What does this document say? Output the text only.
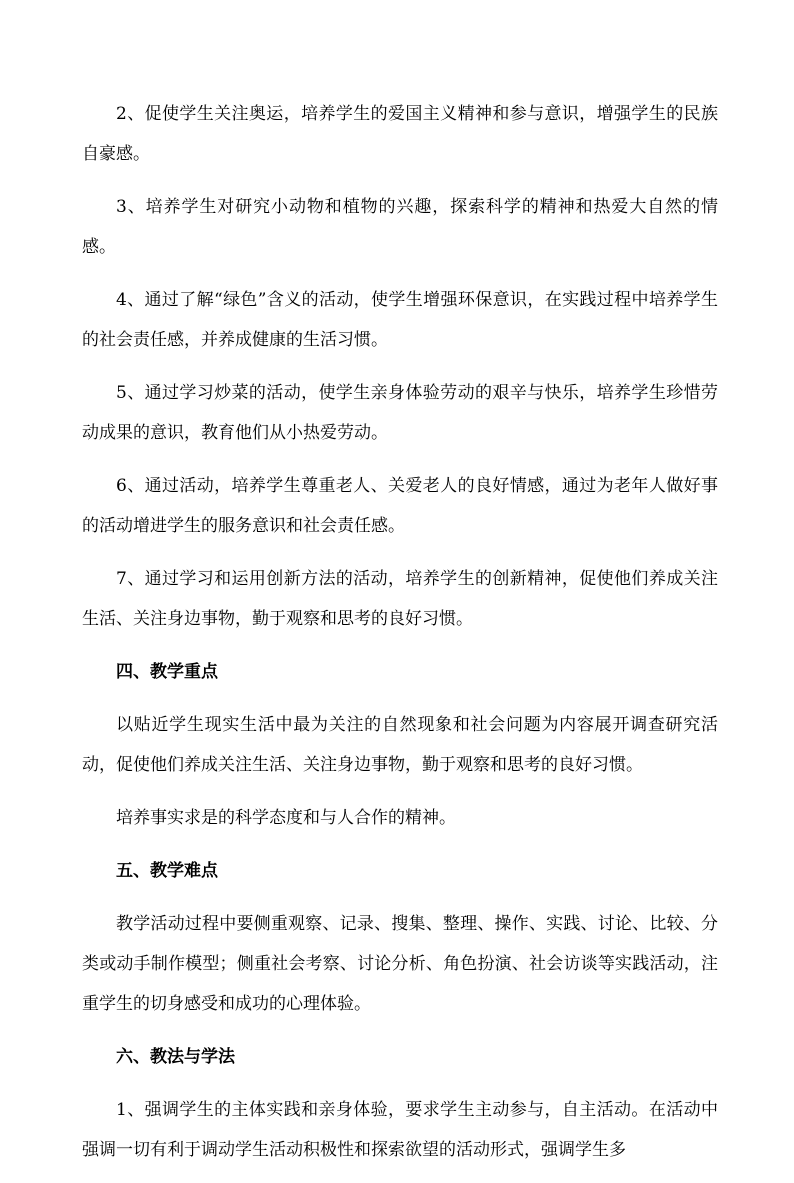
2、促使学生关注奥运，培养学生的爱国主义精神和参与意识，增强学生的民族自豪感。

3、培养学生对研究小动物和植物的兴趣，探索科学的精神和热爱大自然的情感。

4、通过了解“绿色”含义的活动，使学生增强环保意识，在实践过程中培养学生的社会责任感，并养成健康的生活习惯。

5、通过学习炒菜的活动，使学生亲身体验劳动的艰辛与快乐，培养学生珍惜劳动成果的意识，教育他们从小热爱劳动。

6、通过活动，培养学生尊重老人、关爱老人的良好情感，通过为老年人做好事的活动增进学生的服务意识和社会责任感。

7、通过学习和运用创新方法的活动，培养学生的创新精神，促使他们养成关注生活、关注身边事物，勤于观察和思考的良好习惯。

四、教学重点

以贴近学生现实生活中最为关注的自然现象和社会问题为内容展开调查研究活动，促使他们养成关注生活、关注身边事物，勤于观察和思考的良好习惯。

培养事实求是的科学态度和与人合作的精神。

五、教学难点

教学活动过程中要侧重观察、记录、搜集、整理、操作、实践、讨论、比较、分类或动手制作模型；侧重社会考察、讨论分析、角色扮演、社会访谈等实践活动，注重学生的切身感受和成功的心理体验。

六、教法与学法

1、强调学生的主体实践和亲身体验，要求学生主动参与，自主活动。在活动中强调一切有利于调动学生活动积极性和探索欲望的活动形式，强调学生多
